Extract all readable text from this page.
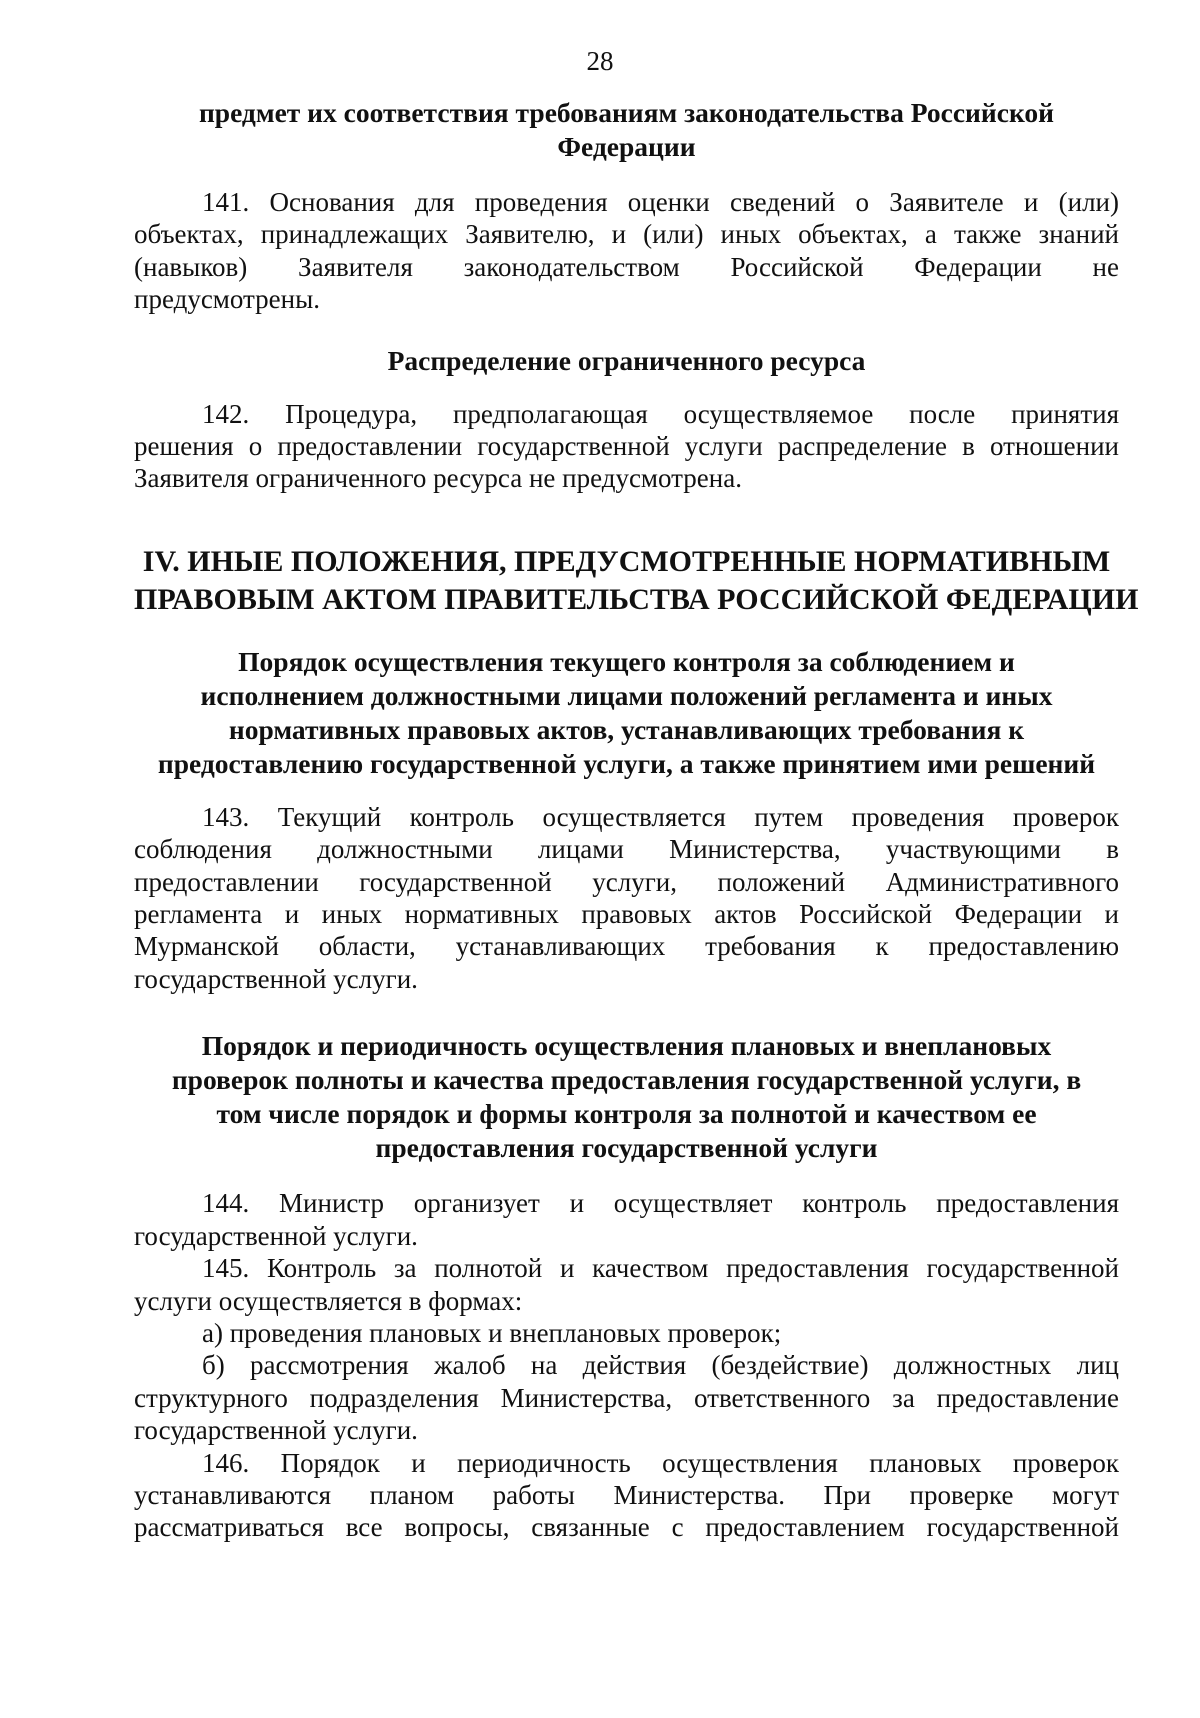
28
предмет их соответствия требованиям законодательства Российской
Федерации
141. Основания для проведения оценки сведений о Заявителе и (или)
объектах, принадлежащих Заявителю, и (или) иных объектах, а также знаний
(навыков) Заявителя законодательством Российской Федерации не
предусмотрены.
Распределение ограниченного ресурса
142. Процедура, предполагающая осуществляемое после принятия
решения о предоставлении государственной услуги распределение в отношении
Заявителя ограниченного ресурса не предусмотрена.
IV. ИНЫЕ ПОЛОЖЕНИЯ, ПРЕДУСМОТРЕННЫЕ НОРМАТИВНЫМ
ПРАВОВЫМ АКТОМ ПРАВИТЕЛЬСТВА РОССИЙСКОЙ ФЕДЕРАЦИИ
Порядок осуществления текущего контроля за соблюдением и
исполнением должностными лицами положений регламента и иных
нормативных правовых актов, устанавливающих требования к
предоставлению государственной услуги, а также принятием ими решений
143. Текущий контроль осуществляется путем проведения проверок
соблюдения должностными лицами Министерства, участвующими в
предоставлении государственной услуги, положений Административного
регламента и иных нормативных правовых актов Российской Федерации и
Мурманской области, устанавливающих требования к предоставлению
государственной услуги.
Порядок и периодичность осуществления плановых и внеплановых
проверок полноты и качества предоставления государственной услуги, в
том числе порядок и формы контроля за полнотой и качеством ее
предоставления государственной услуги
144. Министр организует и осуществляет контроль предоставления
государственной услуги.
145. Контроль за полнотой и качеством предоставления государственной
услуги осуществляется в формах:
а) проведения плановых и внеплановых проверок;
б) рассмотрения жалоб на действия (бездействие) должностных лиц
структурного подразделения Министерства, ответственного за предоставление
государственной услуги.
146. Порядок и периодичность осуществления плановых проверок
устанавливаются планом работы Министерства. При проверке могут
рассматриваться все вопросы, связанные с предоставлением государственной
